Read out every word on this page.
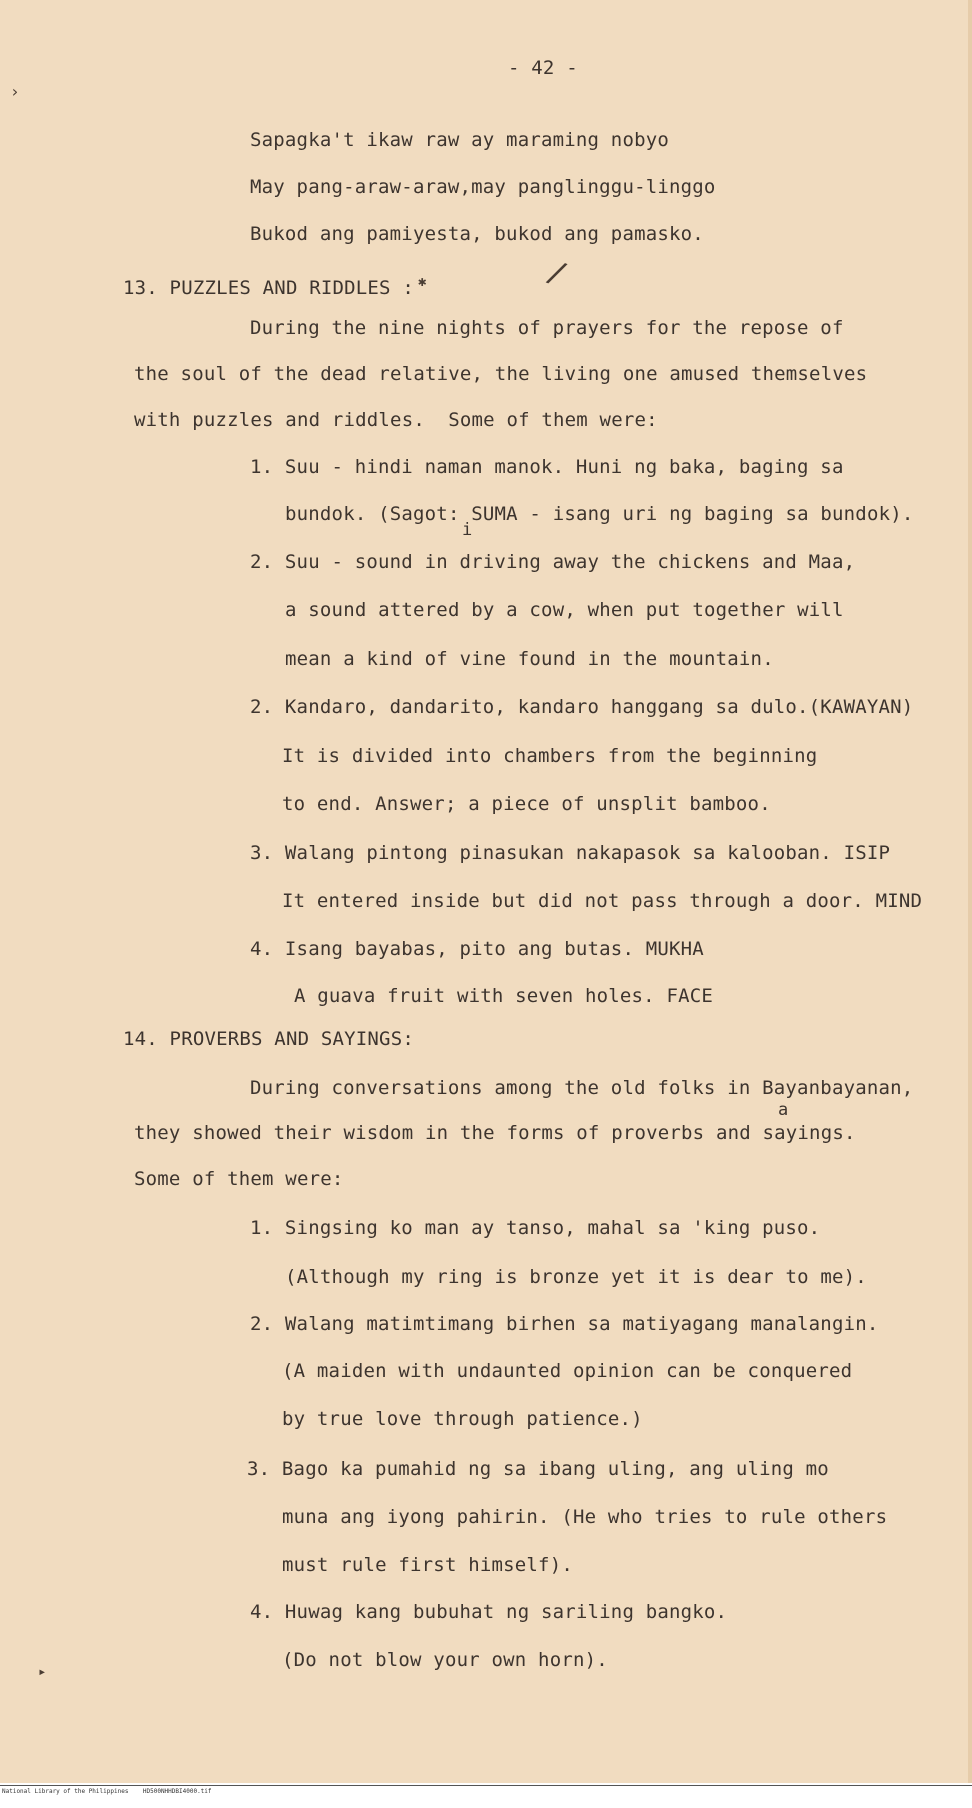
- 42 -
Sapagka't ikaw raw ay maraming nobyo
May pang-araw-araw,may panglinggu-linggo
Bukod ang pamiyesta, bukod ang pamasko.
13. PUZZLES AND RIDDLES : ✱	/
During the nine nights of prayers for the repose of
the soul of the dead relative, the living one amused themselves
with puzzles and riddles.  Some of them were:
1. Suu - hindi naman manok. Huni ng baka, baging sa
bundok. (Sagot: SUMA - isang uri ng baging sa bundok).
i
2. Suu - sound in driving away the chickens and Maa,
a sound attered by a cow, when put together will
mean a kind of vine found in the mountain.
2. Kandaro, dandarito, kandaro hanggang sa dulo.(KAWAYAN)
It is divided into chambers from the beginning
to end. Answer; a piece of unsplit bamboo.
3. Walang pintong pinasukan nakapasok sa kalooban. ISIP
It entered inside but did not pass through a door. MIND
4. Isang bayabas, pito ang butas. MUKHA
A guava fruit with seven holes. FACE
14. PROVERBS AND SAYINGS:
During conversations among the old folks in Bayanbayanan,
a
they showed their wisdom in the forms of proverbs and sayings.
Some of them were:
1. Singsing ko man ay tanso, mahal sa 'king puso.
(Although my ring is bronze yet it is dear to me).
2. Walang matimtimang birhen sa matiyagang manalangin.
(A maiden with undaunted opinion can be conquered
by true love through patience.)
3. Bago ka pumahid ng sa ibang uling, ang uling mo
muna ang iyong pahirin. (He who tries to rule others
must rule first himself).
4. Huwag kang bubuhat ng sariling bangko.
(Do not blow your own horn).
›
▸
National Library of the Philippines    HD500NHHDBI4000.tif
